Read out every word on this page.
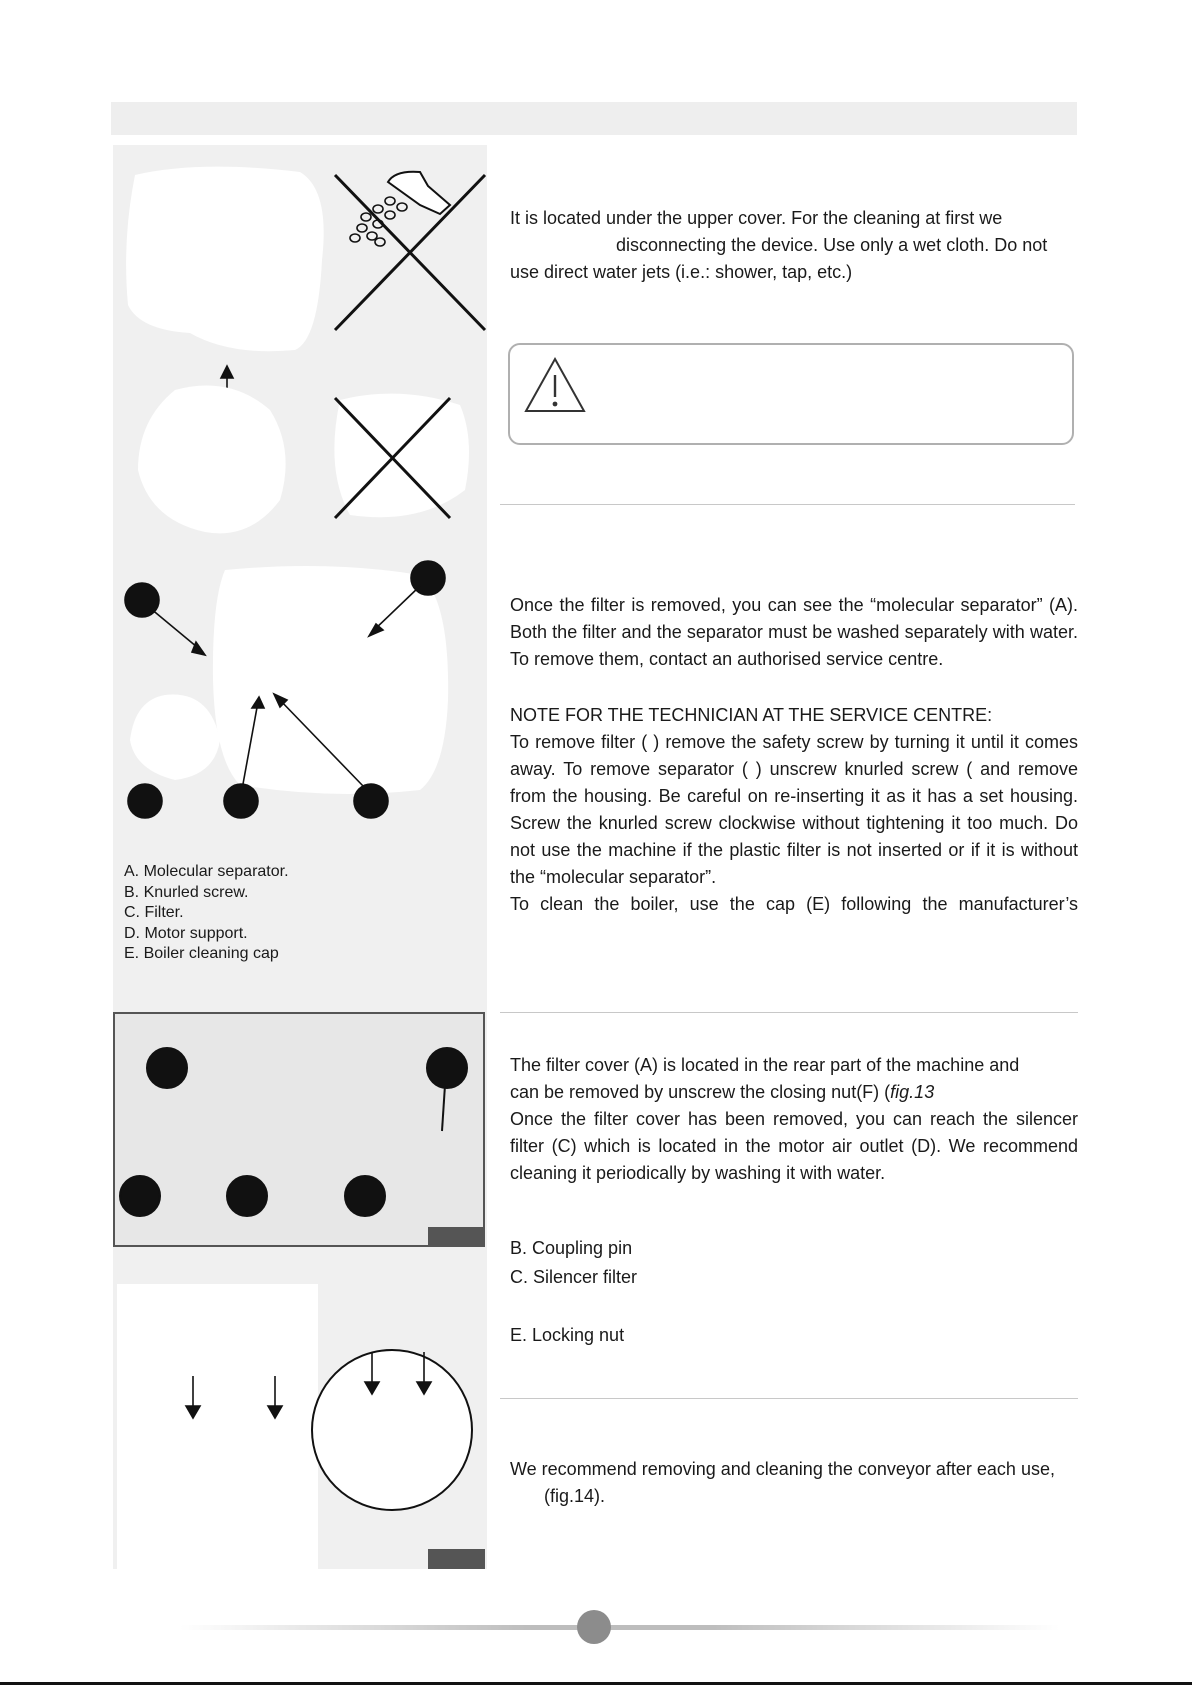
A. Molecular separator.
B. Knurled screw.
C. Filter.
D. Motor support.
E. Boiler cleaning cap

It is located under the upper cover. For the cleaning at first we
disconnecting the device. Use only a wet cloth. Do not
use direct water jets (i.e.: shower, tap, etc.)

Once the filter is removed, you can see the “molecular separator” (A). Both the filter and the separator must be washed separately with water. To remove them, contact an authorised service centre.

NOTE FOR THE TECHNICIAN AT THE SERVICE CENTRE:

To remove filter ( ) remove the safety screw by turning it until it comes away. To remove separator ( ) unscrew knurled screw ( and remove from the housing. Be careful on re-inserting it as it has a set housing. Screw the knurled screw clockwise without tightening it too much. Do not use the machine if the plastic filter is not inserted or if it is without the “molecular separator”.

To clean the boiler, use the cap (E) following the manufacturer’s

The filter cover (A) is located in the rear part of the machine and
can be removed by unscrew the closing nut(F) (fig.13

Once the filter cover has been removed, you can reach the silencer filter (C) which is located in the motor air outlet (D). We recommend cleaning it periodically by washing it with water.

B. Coupling pin

C. Silencer filter

E. Locking nut

We recommend removing and cleaning the conveyor after each use,
(fig.14).
